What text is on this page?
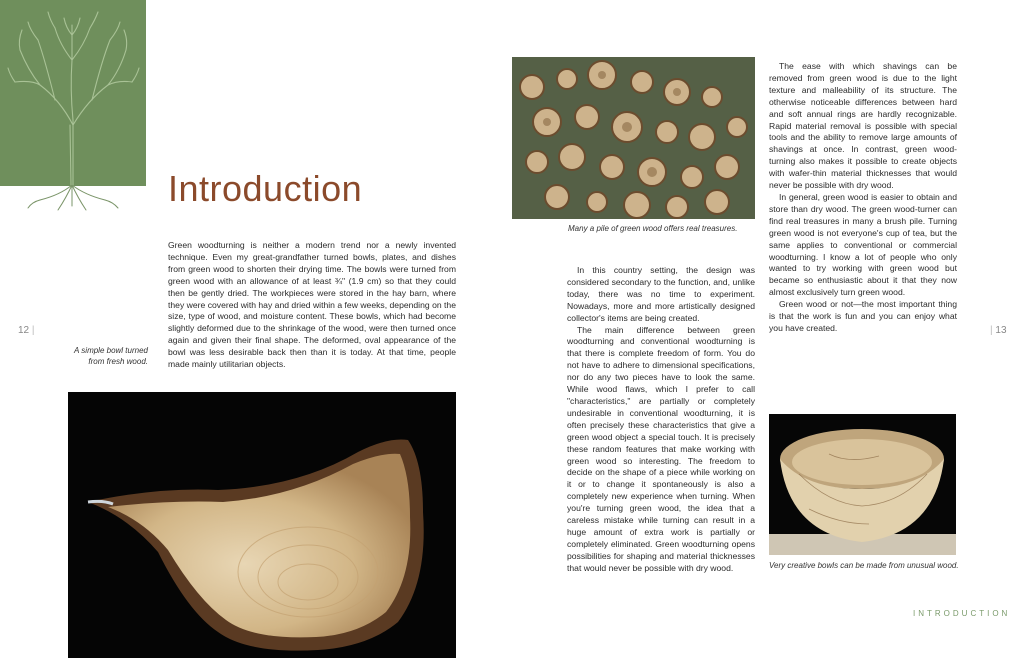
12 |	| 13
Introduction

Green woodturning is neither a modern trend nor a newly invented technique. Even my great-grandfather turned bowls, plates, and dishes from green wood to shorten their drying time. The bowls were turned from green wood with an allowance of at least ¾" (1.9 cm) so that they could then be gently dried. The workpieces were stored in the hay barn, where they were covered with hay and dried within a few weeks, depending on the size, type of wood, and moisture content. These bowls, which had become slightly deformed due to the shrinkage of the wood, were then turned once again and given their final shape. The deformed, oval appearance of the bowl was less desirable back then than it is today. At that time, people made mainly utilitarian objects.

A simple bowl turned from fresh wood.
Many a pile of green wood offers real treasures.

In this country setting, the design was considered secondary to the function, and, unlike today, there was no time to experiment. Nowadays, more and more artistically designed collector's items are being created.

The main difference between green woodturning and conventional woodturning is that there is complete freedom of form. You do not have to adhere to dimensional specifications, nor do any two pieces have to look the same. While wood flaws, which I prefer to call "characteristics," are partially or completely undesirable in conventional woodturning, it is often precisely these characteristics that give a green wood object a special touch. It is precisely these random features that make working with green wood so interesting. The freedom to decide on the shape of a piece while working on it or to change it spontaneously is also a completely new experience when turning. When you're turning green wood, the idea that a careless mistake while turning can result in a huge amount of extra work is partially or completely eliminated. Green woodturning opens possibilities for shaping and material thicknesses that would never be possible with dry wood.

The ease with which shavings can be removed from green wood is due to the light texture and malleability of its structure. The otherwise noticeable differences between hard and soft annual rings are hardly recognizable. Rapid material removal is possible with special tools and the ability to remove large amounts of shavings at once. In contrast, green wood-turning also makes it possible to create objects with wafer-thin material thicknesses that would never be possible with dry wood.

In general, green wood is easier to obtain and store than dry wood. The green wood-turner can find real treasures in many a brush pile. Turning green wood is not everyone's cup of tea, but the same applies to conventional or commercial woodturning. I know a lot of people who only wanted to try working with green wood but became so enthusiastic about it that they now almost exclusively turn green wood.

Green wood or not—the most important thing is that the work is fun and you can enjoy what you have created.

Very creative bowls can be made from unusual wood.
INTRODUCTION
